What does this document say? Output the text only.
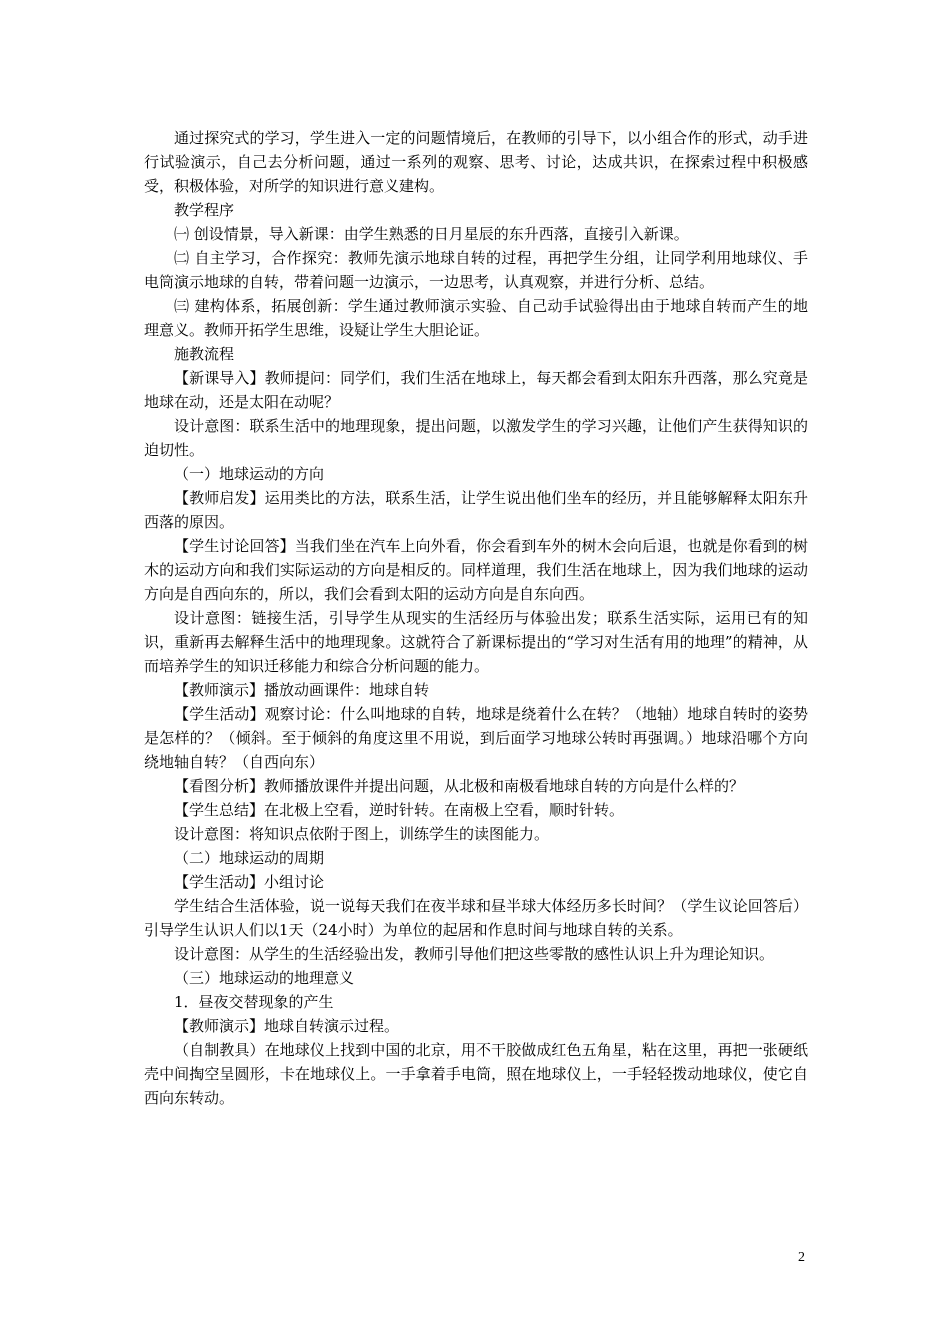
通过探究式的学习，学生进入一定的问题情境后，在教师的引导下，以小组合作的形式，动手进行试验演示，自己去分析问题，通过一系列的观察、思考、讨论，达成共识，在探索过程中积极感受，积极体验，对所学的知识进行意义建构。

教学程序

㈠ 创设情景，导入新课：由学生熟悉的日月星辰的东升西落，直接引入新课。

㈡ 自主学习，合作探究：教师先演示地球自转的过程，再把学生分组，让同学利用地球仪、手电筒演示地球的自转，带着问题一边演示，一边思考，认真观察，并进行分析、总结。

㈢ 建构体系，拓展创新：学生通过教师演示实验、自己动手试验得出由于地球自转而产生的地理意义。教师开拓学生思维，设疑让学生大胆论证。

施教流程

【新课导入】教师提问：同学们，我们生活在地球上，每天都会看到太阳东升西落，那么究竟是地球在动，还是太阳在动呢？

设计意图：联系生活中的地理现象，提出问题，以激发学生的学习兴趣，让他们产生获得知识的迫切性。

（一）地球运动的方向

【教师启发】运用类比的方法，联系生活，让学生说出他们坐车的经历，并且能够解释太阳东升西落的原因。

【学生讨论回答】当我们坐在汽车上向外看，你会看到车外的树木会向后退，也就是你看到的树木的运动方向和我们实际运动的方向是相反的。同样道理，我们生活在地球上，因为我们地球的运动方向是自西向东的，所以，我们会看到太阳的运动方向是自东向西。

设计意图：链接生活，引导学生从现实的生活经历与体验出发；联系生活实际，运用已有的知识，重新再去解释生活中的地理现象。这就符合了新课标提出的“学习对生活有用的地理”的精神，从而培养学生的知识迁移能力和综合分析问题的能力。

【教师演示】播放动画课件：地球自转

【学生活动】观察讨论：什么叫地球的自转，地球是绕着什么在转？（地轴）地球自转时的姿势是怎样的？（倾斜。至于倾斜的角度这里不用说，到后面学习地球公转时再强调。）地球沿哪个方向绕地轴自转？（自西向东）

【看图分析】教师播放课件并提出问题，从北极和南极看地球自转的方向是什么样的？

【学生总结】在北极上空看，逆时针转。在南极上空看，顺时针转。

设计意图：将知识点依附于图上，训练学生的读图能力。

（二）地球运动的周期

【学生活动】小组讨论

学生结合生活体验，说一说每天我们在夜半球和昼半球大体经历多长时间？（学生议论回答后）引导学生认识人们以1天（24小时）为单位的起居和作息时间与地球自转的关系。

设计意图：从学生的生活经验出发，教师引导他们把这些零散的感性认识上升为理论知识。

（三）地球运动的地理意义

1．昼夜交替现象的产生

【教师演示】地球自转演示过程。

（自制教具）在地球仪上找到中国的北京，用不干胶做成红色五角星，粘在这里，再把一张硬纸壳中间掏空呈圆形，卡在地球仪上。一手拿着手电筒，照在地球仪上，一手轻轻拨动地球仪，使它自西向东转动。

2
